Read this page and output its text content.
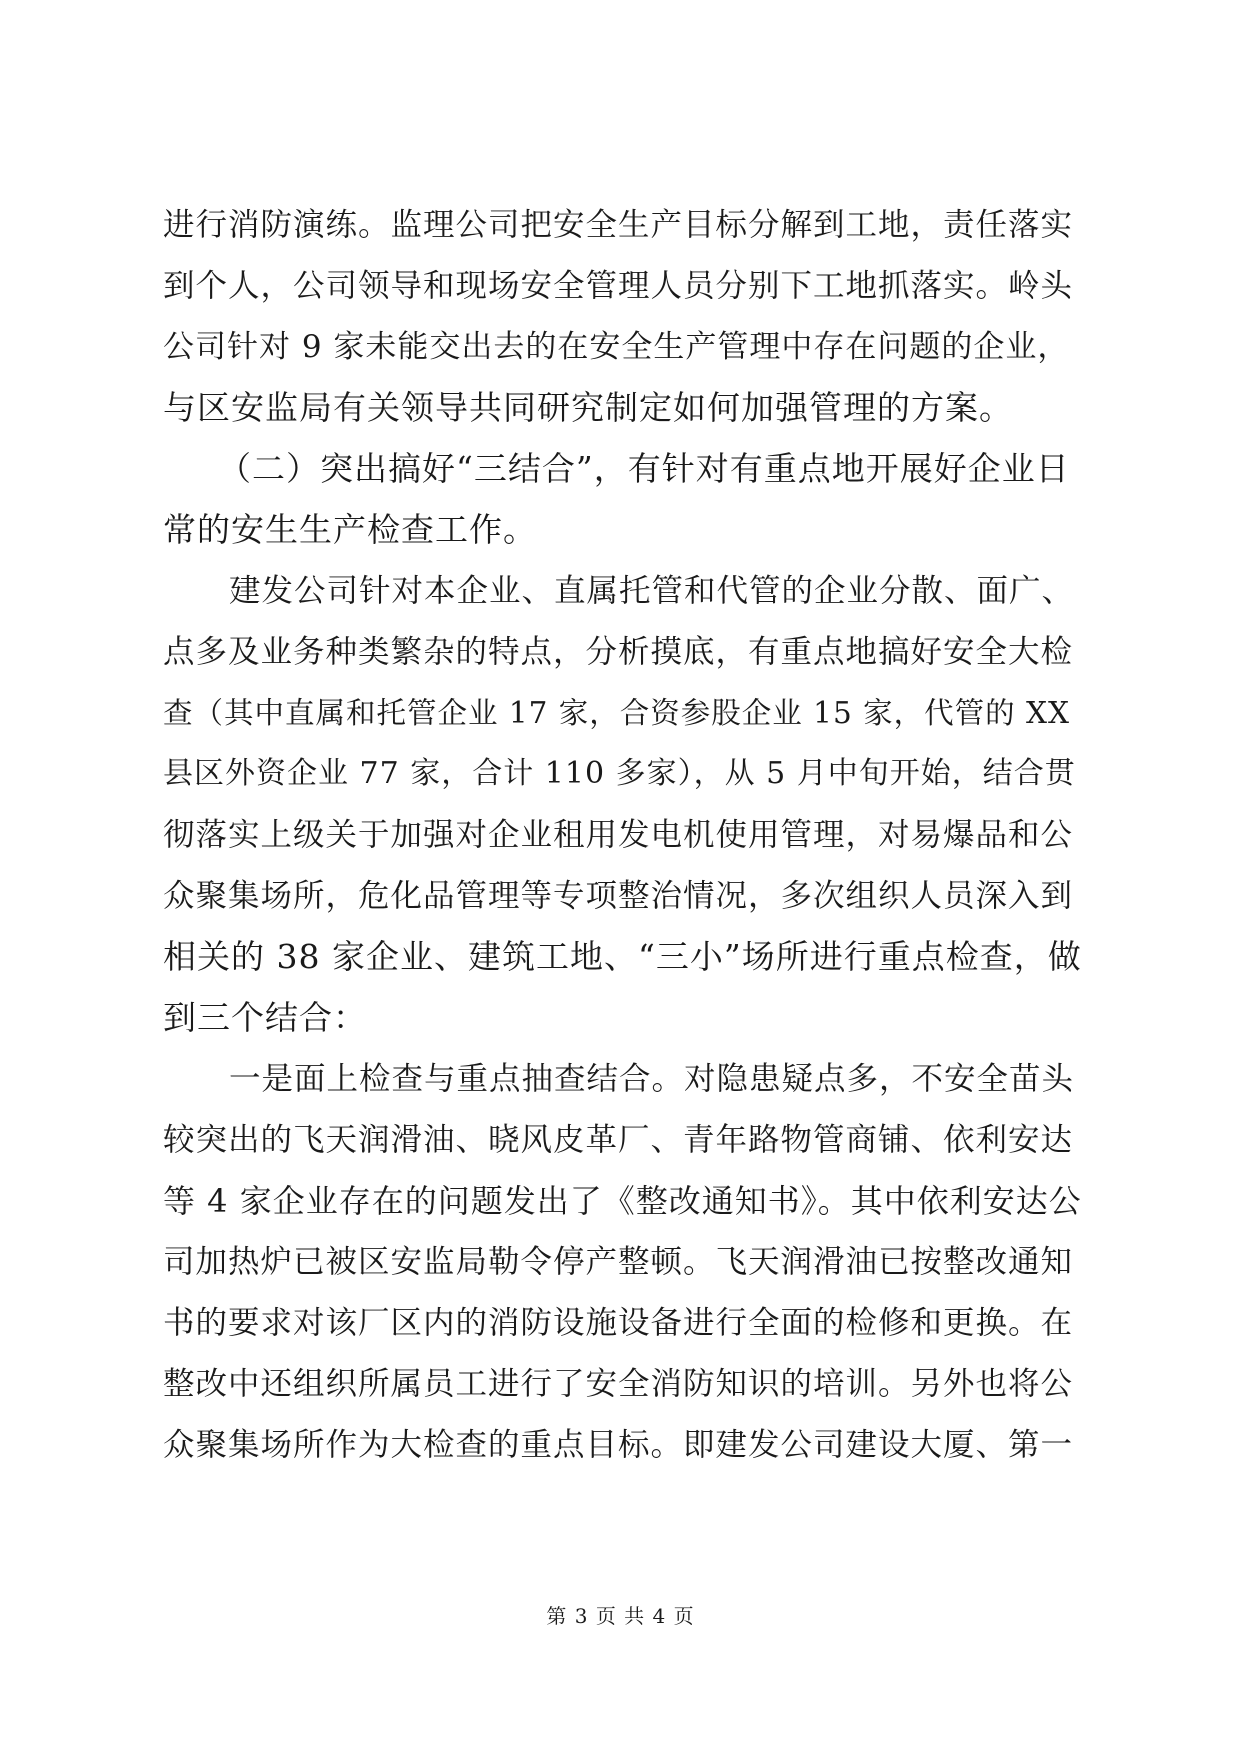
进行消防演练。监理公司把安全生产目标分解到工地，责任落实
到个人，公司领导和现场安全管理人员分别下工地抓落实。岭头
公司针对 9 家未能交出去的在安全生产管理中存在问题的企业，
与区安监局有关领导共同研究制定如何加强管理的方案。
（二）突出搞好“三结合”，有针对有重点地开展好企业日
常的安生生产检查工作。
建发公司针对本企业、直属托管和代管的企业分散、面广、
点多及业务种类繁杂的特点，分析摸底，有重点地搞好安全大检
查（其中直属和托管企业 17 家，合资参股企业 15 家，代管的 XX
县区外资企业 77 家，合计 110 多家），从 5 月中旬开始，结合贯
彻落实上级关于加强对企业租用发电机使用管理，对易爆品和公
众聚集场所，危化品管理等专项整治情况，多次组织人员深入到
相关的 38 家企业、建筑工地、“三小”场所进行重点检查，做
到三个结合：
一是面上检查与重点抽查结合。对隐患疑点多，不安全苗头
较突出的飞天润滑油、晓风皮革厂、青年路物管商铺、依利安达
等 4 家企业存在的问题发出了《整改通知书》。其中依利安达公
司加热炉已被区安监局勒令停产整顿。飞天润滑油已按整改通知
书的要求对该厂区内的消防设施设备进行全面的检修和更换。在
整改中还组织所属员工进行了安全消防知识的培训。另外也将公
众聚集场所作为大检查的重点目标。即建发公司建设大厦、第一
第 3 页 共 4 页
